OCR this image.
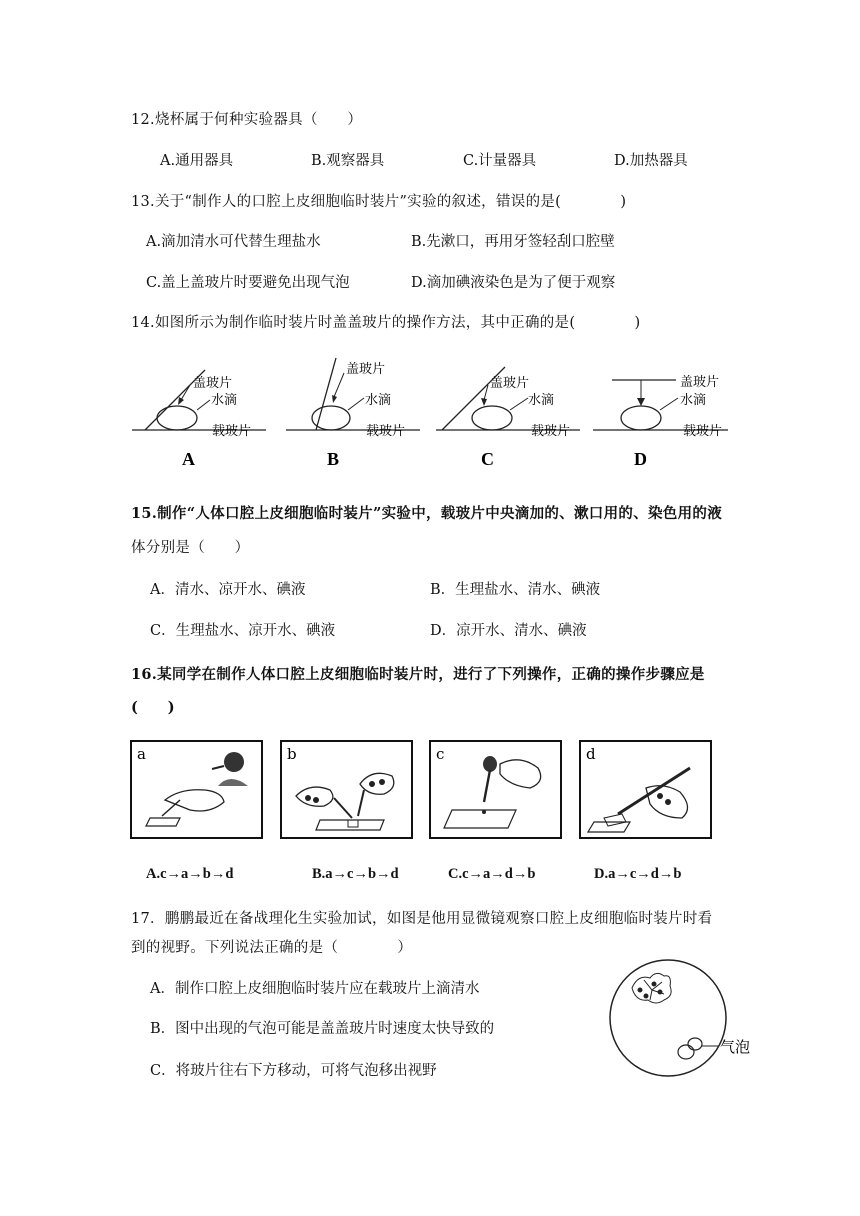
12.烧杯属于何种实验器具（　　）
A.通用器具	B.观察器具	C.计量器具	D.加热器具
13.关于“制作人的口腔上皮细胞临时装片”实验的叙述，错误的是(　　　　)
A.滴加清水可代替生理盐水	B.先漱口，再用牙签轻刮口腔壁
C.盖上盖玻片时要避免出现气泡	D.滴加碘液染色是为了便于观察
14.如图所示为制作临时装片时盖盖玻片的操作方法，其中正确的是(　　　　)
盖玻片
水滴
载玻片
A
盖玻片
水滴
载玻片
B
盖玻片
水滴
载玻片
C
盖玻片
水滴
载玻片
D
15.制作“人体口腔上皮细胞临时装片”实验中，载玻片中央滴加的、漱口用的、染色用的液
体分别是（　　）
A．清水、凉开水、碘液	B．生理盐水、清水、碘液
C．生理盐水、凉开水、碘液	D．凉开水、清水、碘液
16.某同学在制作人体口腔上皮细胞临时装片时，进行了下列操作，正确的操作步骤应是
(　　)
a	b	c	d
A.c→a→b→d	B.a→c→b→d	C.c→a→d→b	D.a→c→d→b
17．鹏鹏最近在备战理化生实验加试，如图是他用显微镜观察口腔上皮细胞临时装片时看
到的视野。下列说法正确的是（　　　　）
A．制作口腔上皮细胞临时装片应在载玻片上滴清水
B．图中出现的气泡可能是盖盖玻片时速度太快导致的
C．将玻片往右下方移动，可将气泡移出视野
气泡
